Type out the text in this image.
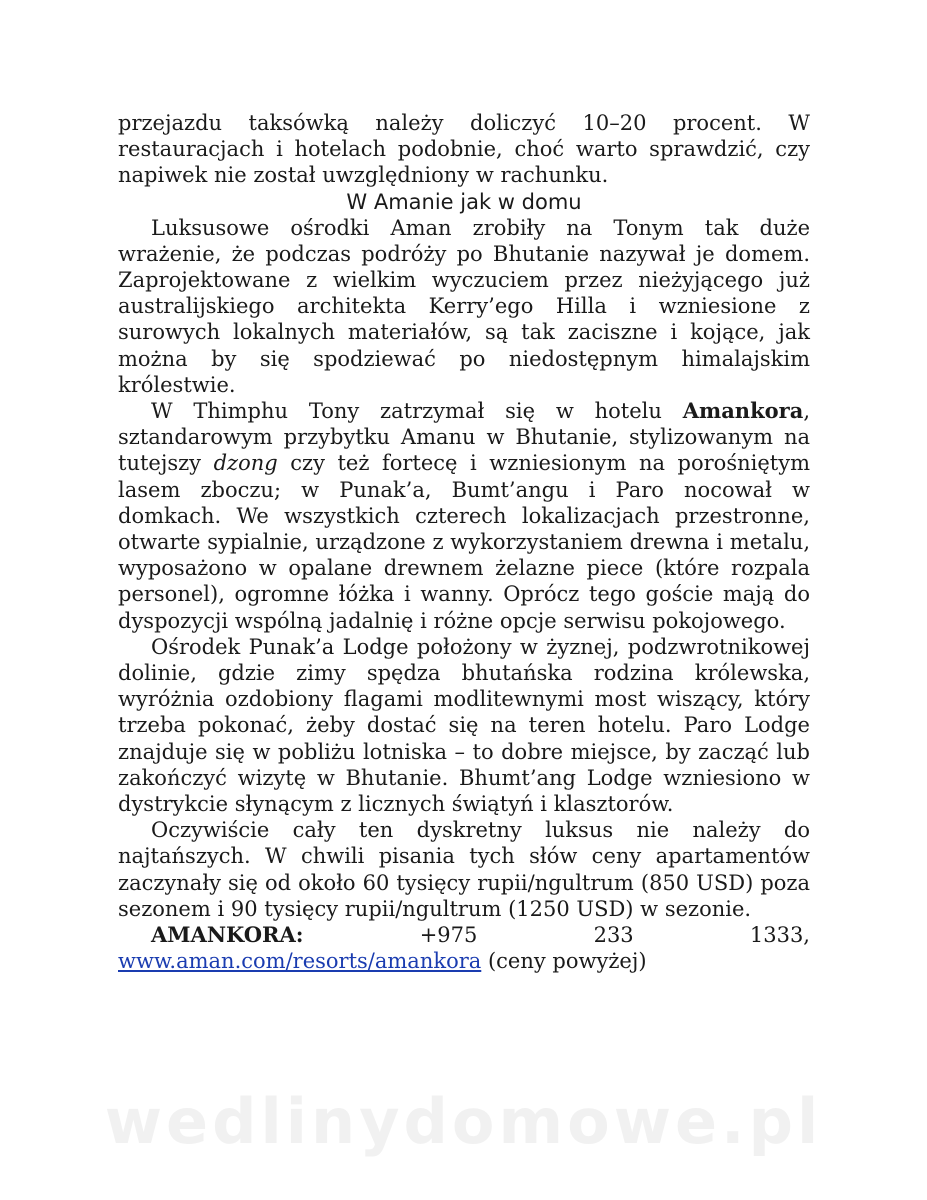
przejazdu taksówką należy doliczyć 10–20 procent. W restauracjach i hotelach podobnie, choć warto sprawdzić, czy napiwek nie został uwzględniony w rachunku.

W Amanie jak w domu

Luksusowe ośrodki Aman zrobiły na Tonym tak duże wrażenie, że podczas podróży po Bhutanie nazywał je domem. Zaprojektowane z wielkim wyczuciem przez nieżyjącego już australijskiego architekta Kerry’ego Hilla i wzniesione z surowych lokalnych materiałów, są tak zaciszne i kojące, jak można by się spodziewać po niedostępnym himalajskim królestwie.

W Thimphu Tony zatrzymał się w hotelu Amankora, sztandarowym przybytku Amanu w Bhutanie, stylizowanym na tutejszy dzong czy też fortecę i wzniesionym na porośniętym lasem zboczu; w Punak’a, Bumt’angu i Paro nocował w domkach. We wszystkich czterech lokalizacjach przestronne, otwarte sypialnie, urządzone z wykorzystaniem drewna i metalu, wyposażono w opalane drewnem żelazne piece (które rozpala personel), ogromne łóżka i wanny. Oprócz tego goście mają do dyspozycji wspólną jadalnię i różne opcje serwisu pokojowego.

Ośrodek Punak’a Lodge położony w żyznej, podzwrotnikowej dolinie, gdzie zimy spędza bhutańska rodzina królewska, wyróżnia ozdobiony flagami modlitewnymi most wiszący, który trzeba pokonać, żeby dostać się na teren hotelu. Paro Lodge znajduje się w pobliżu lotniska – to dobre miejsce, by zacząć lub zakończyć wizytę w Bhutanie. Bhumt’ang Lodge wzniesiono w dystrykcie słynącym z licznych świątyń i klasztorów.

Oczywiście cały ten dyskretny luksus nie należy do najtańszych. W chwili pisania tych słów ceny apartamentów zaczynały się od około 60 tysięcy rupii/ngultrum (850 USD) poza sezonem i 90 tysięcy rupii/ngultrum (1250 USD) w sezonie.

AMANKORA:	+975	233	1333,

www.aman.com/resorts/amankora (ceny powyżej)

wedlinydomowe.pl
